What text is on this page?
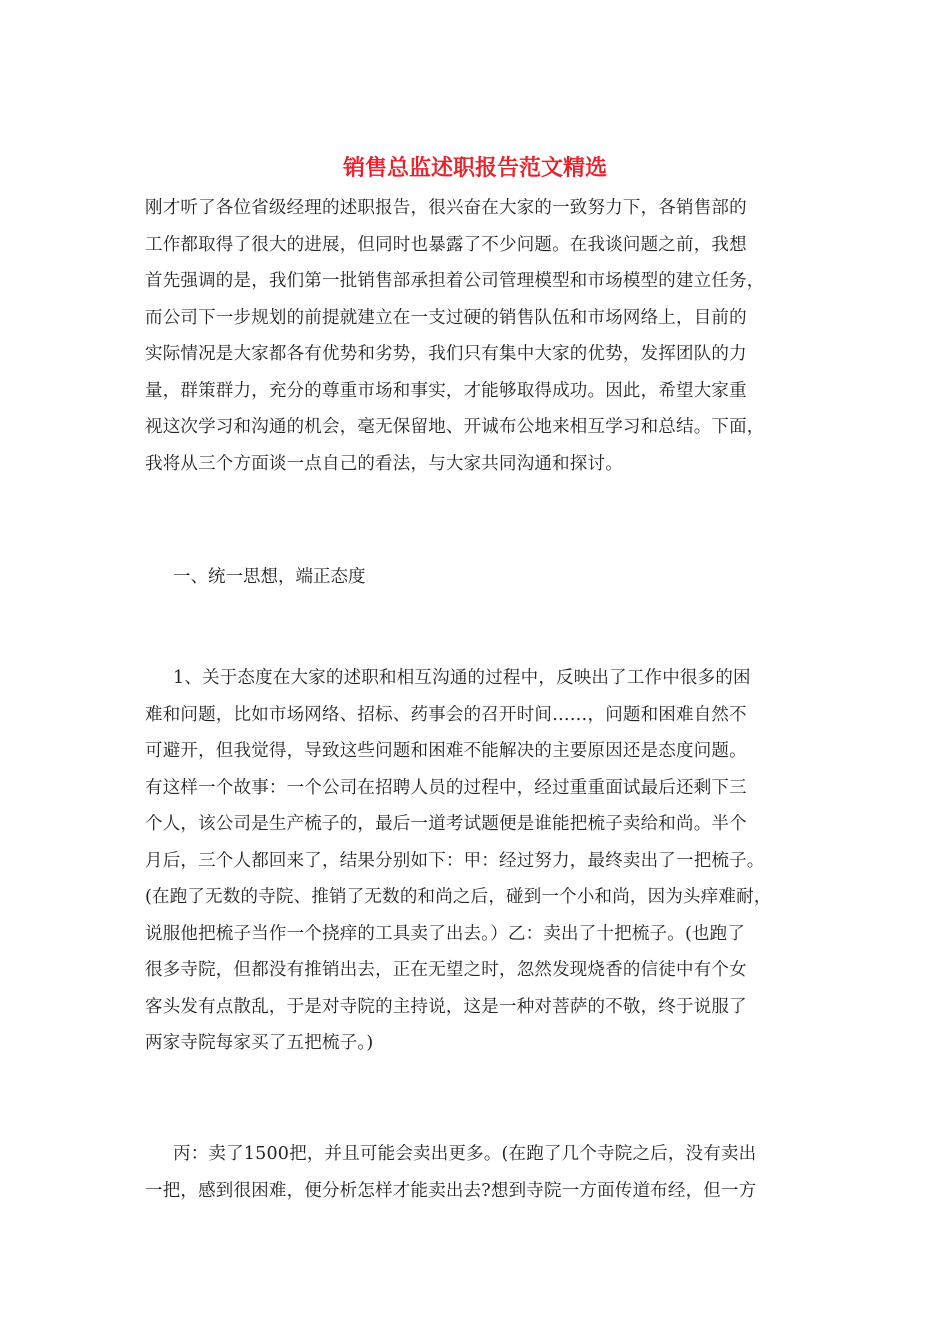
销售总监述职报告范文精选

刚才听了各位省级经理的述职报告，很兴奋在大家的一致努力下，各销售部的
工作都取得了很大的进展，但同时也暴露了不少问题。在我谈问题之前，我想
首先强调的是，我们第一批销售部承担着公司管理模型和市场模型的建立任务，
而公司下一步规划的前提就建立在一支过硬的销售队伍和市场网络上，目前的
实际情况是大家都各有优势和劣势，我们只有集中大家的优势，发挥团队的力
量，群策群力，充分的尊重市场和事实，才能够取得成功。因此，希望大家重
视这次学习和沟通的机会，毫无保留地、开诚布公地来相互学习和总结。下面，
我将从三个方面谈一点自己的看法，与大家共同沟通和探讨。

一、统一思想，端正态度

1、关于态度在大家的述职和相互沟通的过程中，反映出了工作中很多的困
难和问题，比如市场网络、招标、药事会的召开时间……，问题和困难自然不
可避开，但我觉得，导致这些问题和困难不能解决的主要原因还是态度问题。
有这样一个故事：一个公司在招聘人员的过程中，经过重重面试最后还剩下三
个人，该公司是生产梳子的，最后一道考试题便是谁能把梳子卖给和尚。半个
月后，三个人都回来了，结果分别如下：甲：经过努力，最终卖出了一把梳子。
(在跑了无数的寺院、推销了无数的和尚之后，碰到一个小和尚，因为头痒难耐，
说服他把梳子当作一个挠痒的工具卖了出去。）乙：卖出了十把梳子。(也跑了
很多寺院，但都没有推销出去，正在无望之时，忽然发现烧香的信徒中有个女
客头发有点散乱，于是对寺院的主持说，这是一种对菩萨的不敬，终于说服了
两家寺院每家买了五把梳子。)

丙：卖了1500把，并且可能会卖出更多。(在跑了几个寺院之后，没有卖出
一把，感到很困难，便分析怎样才能卖出去?想到寺院一方面传道布经，但一方
